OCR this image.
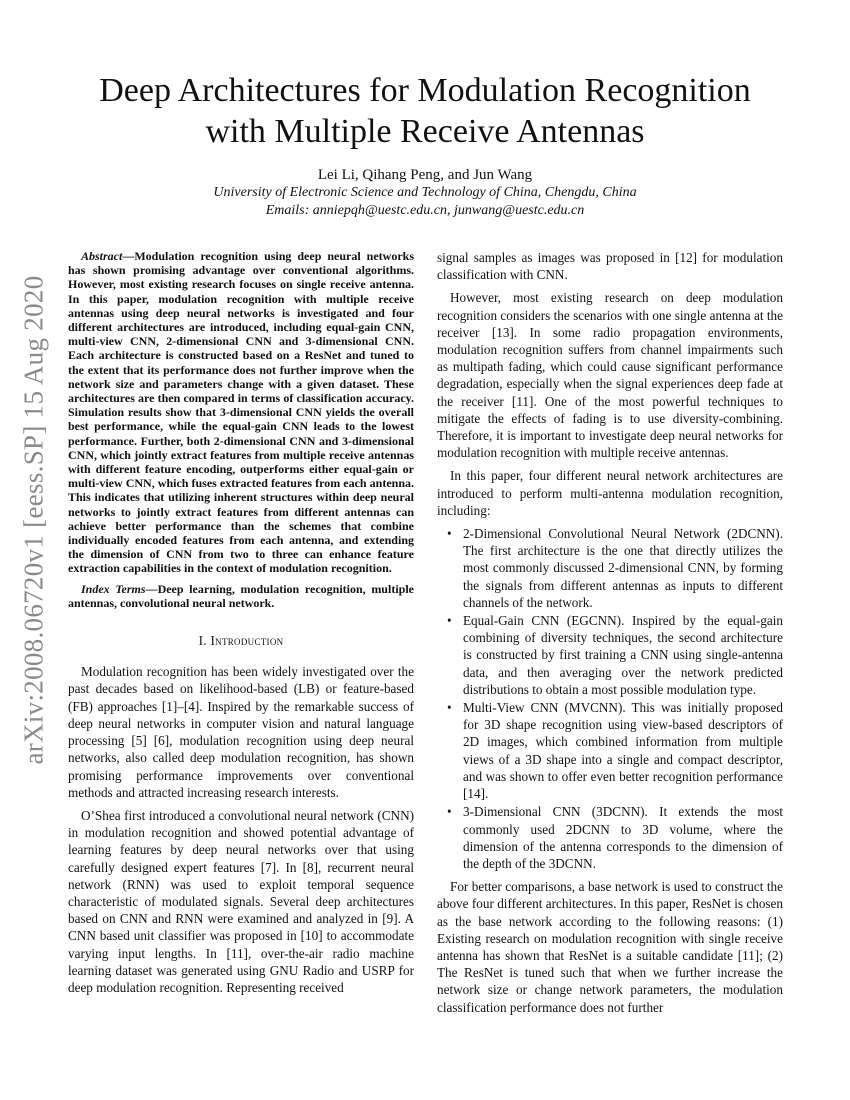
arXiv:2008.06720v1 [eess.SP] 15 Aug 2020
Deep Architectures for Modulation Recognition
with Multiple Receive Antennas
Lei Li, Qihang Peng, and Jun Wang
University of Electronic Science and Technology of China, Chengdu, China
Emails: anniepqh@uestc.edu.cn, junwang@uestc.edu.cn

Abstract—Modulation recognition using deep neural networks has shown promising advantage over conventional algorithms. However, most existing research focuses on single receive antenna. In this paper, modulation recognition with multiple receive antennas using deep neural networks is investigated and four different architectures are introduced, including equal-gain CNN, multi-view CNN, 2-dimensional CNN and 3-dimensional CNN. Each architecture is constructed based on a ResNet and tuned to the extent that its performance does not further improve when the network size and parameters change with a given dataset. These architectures are then compared in terms of classification accuracy. Simulation results show that 3-dimensional CNN yields the overall best performance, while the equal-gain CNN leads to the lowest performance. Further, both 2-dimensional CNN and 3-dimensional CNN, which jointly extract features from multiple receive antennas with different feature encoding, outperforms either equal-gain or multi-view CNN, which fuses extracted features from each antenna. This indicates that utilizing inherent structures within deep neural networks to jointly extract features from different antennas can achieve better performance than the schemes that combine individually encoded features from each antenna, and extending the dimension of CNN from two to three can enhance feature extraction capabilities in the context of modulation recognition.

Index Terms—Deep learning, modulation recognition, multiple antennas, convolutional neural network.

I. Introduction

Modulation recognition has been widely investigated over the past decades based on likelihood-based (LB) or feature-based (FB) approaches [1]–[4]. Inspired by the remarkable success of deep neural networks in computer vision and natural language processing [5] [6], modulation recognition using deep neural networks, also called deep modulation recognition, has shown promising performance improvements over conventional methods and attracted increasing research interests.

O’Shea first introduced a convolutional neural network (CNN) in modulation recognition and showed potential advantage of learning features by deep neural networks over that using carefully designed expert features [7]. In [8], recurrent neural network (RNN) was used to exploit temporal sequence characteristic of modulated signals. Several deep architectures based on CNN and RNN were examined and analyzed in [9]. A CNN based unit classifier was proposed in [10] to accommodate varying input lengths. In [11], over-the-air radio machine learning dataset was generated using GNU Radio and USRP for deep modulation recognition. Representing received

signal samples as images was proposed in [12] for modulation classification with CNN.

However, most existing research on deep modulation recognition considers the scenarios with one single antenna at the receiver [13]. In some radio propagation environments, modulation recognition suffers from channel impairments such as multipath fading, which could cause significant performance degradation, especially when the signal experiences deep fade at the receiver [11]. One of the most powerful techniques to mitigate the effects of fading is to use diversity-combining. Therefore, it is important to investigate deep neural networks for modulation recognition with multiple receive antennas.

In this paper, four different neural network architectures are introduced to perform multi-antenna modulation recognition, including:

• 2-Dimensional Convolutional Neural Network (2DCNN). The first architecture is the one that directly utilizes the most commonly discussed 2-dimensional CNN, by forming the signals from different antennas as inputs to different channels of the network.
• Equal-Gain CNN (EGCNN). Inspired by the equal-gain combining of diversity techniques, the second architecture is constructed by first training a CNN using single-antenna data, and then averaging over the network predicted distributions to obtain a most possible modulation type.
• Multi-View CNN (MVCNN). This was initially proposed for 3D shape recognition using view-based descriptors of 2D images, which combined information from multiple views of a 3D shape into a single and compact descriptor, and was shown to offer even better recognition performance [14].
• 3-Dimensional CNN (3DCNN). It extends the most commonly used 2DCNN to 3D volume, where the dimension of the antenna corresponds to the dimension of the depth of the 3DCNN.

For better comparisons, a base network is used to construct the above four different architectures. In this paper, ResNet is chosen as the base network according to the following reasons: (1) Existing research on modulation recognition with single receive antenna has shown that ResNet is a suitable candidate [11]; (2) The ResNet is tuned such that when we further increase the network size or change network parameters, the modulation classification performance does not further
